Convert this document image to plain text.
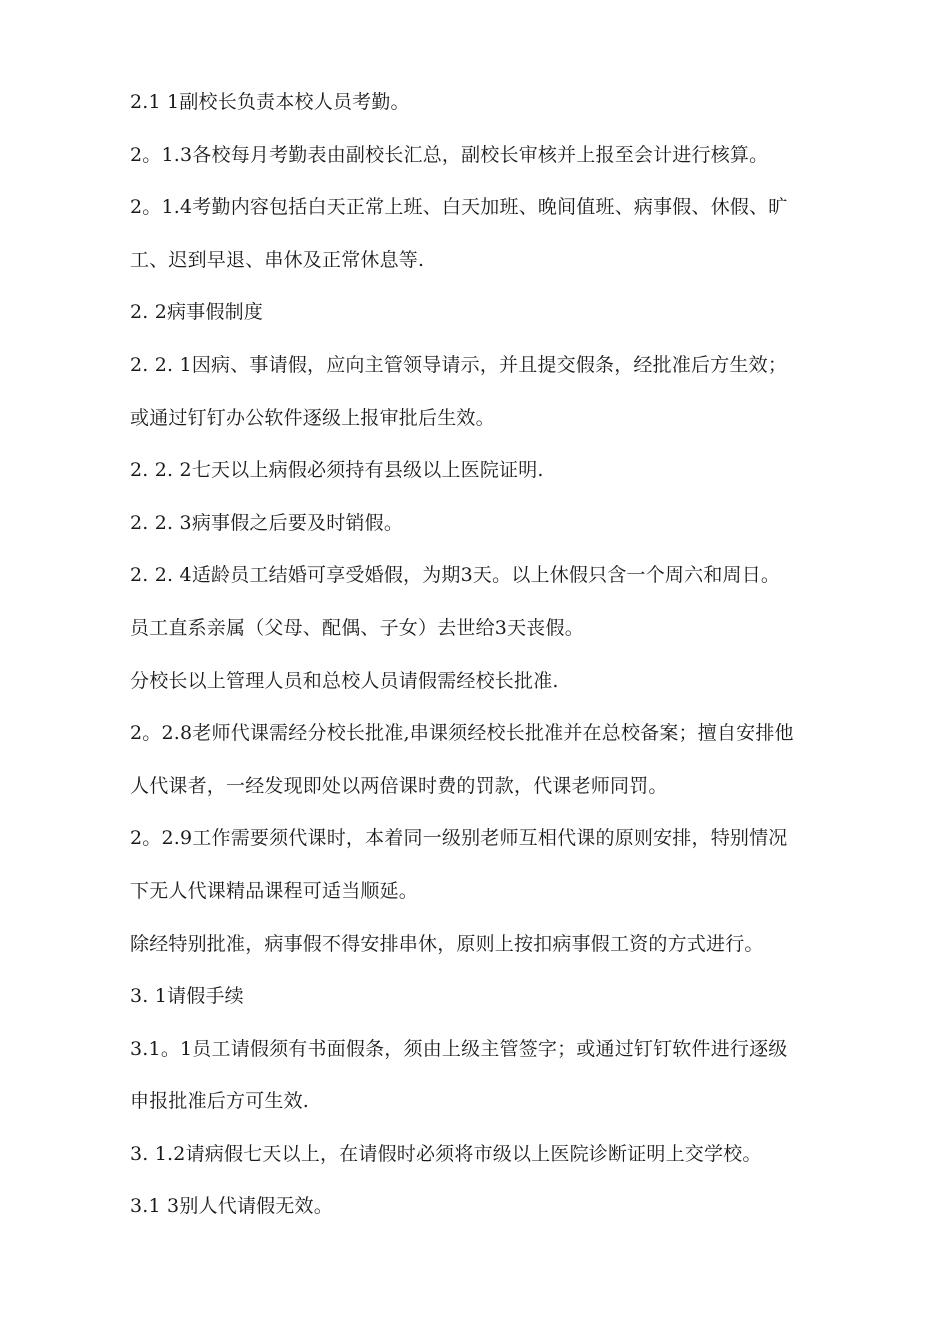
2.1 1副校长负责本校人员考勤。
2。1.3各校每月考勤表由副校长汇总，副校长审核并上报至会计进行核算。
2。1.4考勤内容包括白天正常上班、白天加班、晚间值班、病事假、休假、旷
工、迟到早退、串休及正常休息等.
2. 2病事假制度
2. 2. 1因病、事请假，应向主管领导请示，并且提交假条，经批准后方生效；
或通过钉钉办公软件逐级上报审批后生效。
2. 2. 2七天以上病假必须持有县级以上医院证明.
2. 2. 3病事假之后要及时销假。
2. 2. 4适龄员工结婚可享受婚假，为期3天。以上休假只含一个周六和周日。
员工直系亲属（父母、配偶、子女）去世给3天丧假。
分校长以上管理人员和总校人员请假需经校长批准.
2。2.8老师代课需经分校长批准,串课须经校长批准并在总校备案；擅自安排他
人代课者，一经发现即处以两倍课时费的罚款，代课老师同罚。
2。2.9工作需要须代课时，本着同一级别老师互相代课的原则安排，特别情况
下无人代课精品课程可适当顺延。
除经特别批准，病事假不得安排串休，原则上按扣病事假工资的方式进行。
3. 1请假手续
3.1。1员工请假须有书面假条，须由上级主管签字；或通过钉钉软件进行逐级
申报批准后方可生效.
3. 1.2请病假七天以上，在请假时必须将市级以上医院诊断证明上交学校。
3.1 3别人代请假无效。
